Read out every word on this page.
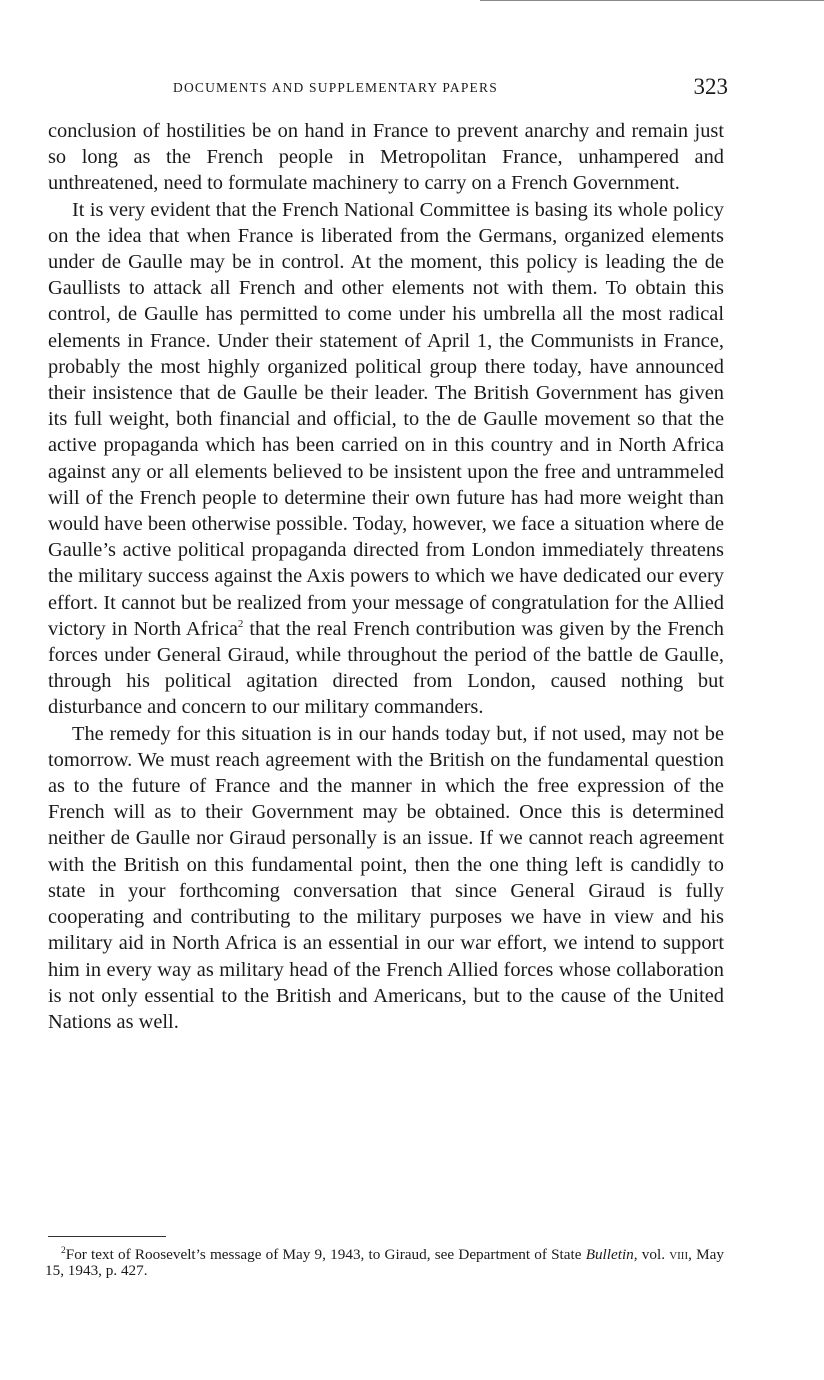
DOCUMENTS AND SUPPLEMENTARY PAPERS	323

conclusion of hostilities be on hand in France to prevent anarchy and remain just so long as the French people in Metropolitan France, unhampered and unthreatened, need to formulate machinery to carry on a French Government.

It is very evident that the French National Committee is basing its whole policy on the idea that when France is liberated from the Germans, organized elements under de Gaulle may be in control. At the moment, this policy is leading the de Gaullists to attack all French and other elements not with them. To obtain this control, de Gaulle has permitted to come under his umbrella all the most radical elements in France. Under their statement of April 1, the Communists in France, probably the most highly organized political group there today, have announced their insistence that de Gaulle be their leader. The British Government has given its full weight, both financial and official, to the de Gaulle movement so that the active propaganda which has been carried on in this country and in North Africa against any or all elements believed to be insistent upon the free and untrammeled will of the French people to determine their own future has had more weight than would have been otherwise possible. Today, however, we face a situation where de Gaulle’s active political propaganda directed from London immediately threatens the military success against the Axis powers to which we have dedicated our every effort. It cannot but be realized from your message of congratulation for the Allied victory in North Africa$^2$ that the real French contribution was given by the French forces under General Giraud, while throughout the period of the battle de Gaulle, through his political agitation directed from London, caused nothing but disturbance and concern to our military commanders.

The remedy for this situation is in our hands today but, if not used, may not be tomorrow. We must reach agreement with the British on the fundamental question as to the future of France and the manner in which the free expression of the French will as to their Government may be obtained. Once this is determined neither de Gaulle nor Giraud personally is an issue. If we cannot reach agreement with the British on this fundamental point, then the one thing left is candidly to state in your forthcoming conversation that since General Giraud is fully cooperating and contributing to the military purposes we have in view and his military aid in North Africa is an essential in our war effort, we intend to support him in every way as military head of the French Allied forces whose collaboration is not only essential to the British and Americans, but to the cause of the United Nations as well.

$^2$For text of Roosevelt’s message of May 9, 1943, to Giraud, see Department of State Bulletin, vol. viii, May 15, 1943, p. 427.
